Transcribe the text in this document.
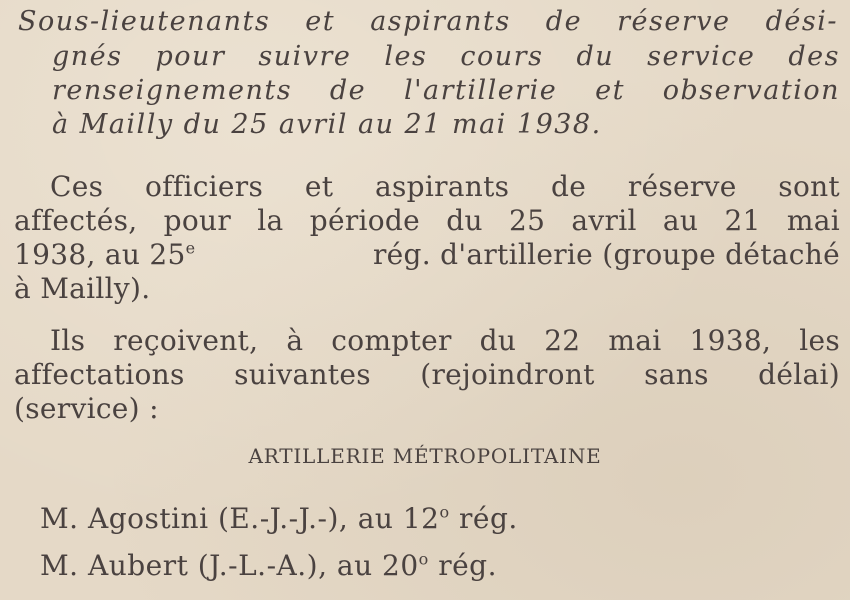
Sous-lieutenants et aspirants de réserve dési-
gnés pour suivre les cours du service des
renseignements de l'artillerie et observation
à Mailly du 25 avril au 21 mai 1938.
Ces officiers et aspirants de réserve sont
affectés, pour la période du 25 avril au 21 mai
1938, au 25e	rég. d'artillerie (groupe détaché
à Mailly).
Ils reçoivent, à compter du 22 mai 1938, les
affectations suivantes (rejoindront sans délai)
(service) :
ARTILLERIE MÉTROPOLITAINE
M. Agostini (E.-J.-J.-), au 12$^o$ rég.
M. Aubert (J.-L.-A.), au 20$^o$ rég.
